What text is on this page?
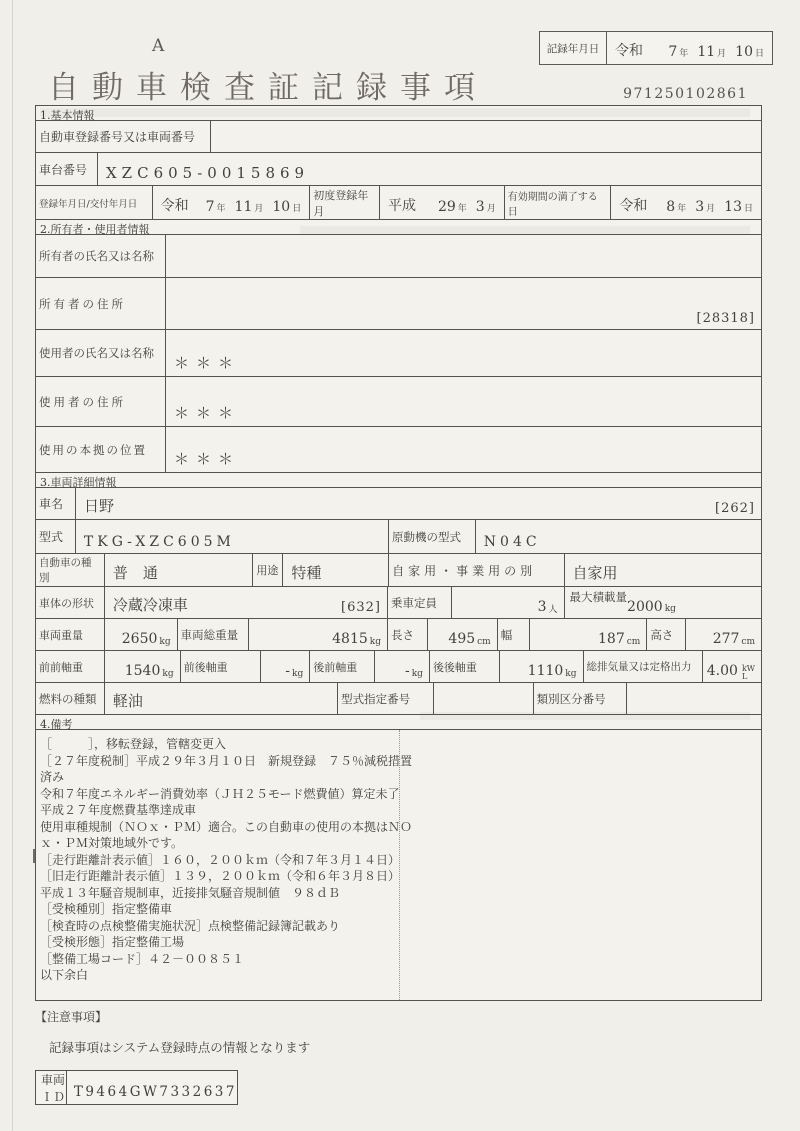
A
自動車検査証記録事項	971250102861
記録年月日	令和 7 年 11 月 10 日
1.基本情報
自動車登録番号又は車両番号
車台番号	XZC605-0015869
登録年月日/交付年月日 令和 7 年 11 月 10 日
初度登録年月	平成 29 年 3 月
有効期間の満了する日	令和 8 年 3 月 13 日
2.所有者・使用者情報
所有者の氏名又は名称
所有者の住所
[28318]
使用者の氏名又は名称
＊＊＊
使用者の住所
＊＊＊
使用の本拠の位置
＊＊＊
3.車両詳細情報
車名 日野	[262]
型式	TKG-XZC605M	原動機の型式	N04C
自動車の種別	普　通	用途 特種	自家用・事業用の別	自家用
車体の形状 冷蔵冷凍車	[632] 乗車定員	3 人
最大積載量
2000 kg
車両重量	2650 kg
車両総重量	4815 kg
長さ 495 cm
幅	187 cm
高さ	277 cm
前前軸重	1540 kg
前後軸重	- kg
後前軸重	- kg
後後軸重	1110 kg
総排気量又は定格出力 4.00 kW
L
燃料の種類	軽油	型式指定番号	類別区分番号
4.備考
［　　　］，移転登録，管轄変更入
［２７年度税制］平成２９年３月１０日　新規登録　７５％減税措置
済み
令和７年度エネルギー消費効率（ＪＨ２５モード燃費値）算定未了
平成２７年度燃費基準達成車
使用車種規制（ＮＯｘ・ＰＭ）適合。この自動車の使用の本拠はＮＯ
ｘ・ＰＭ対策地域外です。
［走行距離計表示値］１６０，２００ｋｍ（令和７年３月１４日）
［旧走行距離計表示値］１３９，２００ｋｍ（令和６年３月８日）
平成１３年騒音規制車，近接排気騒音規制値　９８ｄＢ
［受検種別］指定整備車
［検査時の点検整備実施状況］点検整備記録簿記載あり
［受検形態］指定整備工場
［整備工場コード］４２－００８５１
以下余白
【注意事項】
記録事項はシステム登録時点の情報となります
車両ＩＤ T9464GW7332637
